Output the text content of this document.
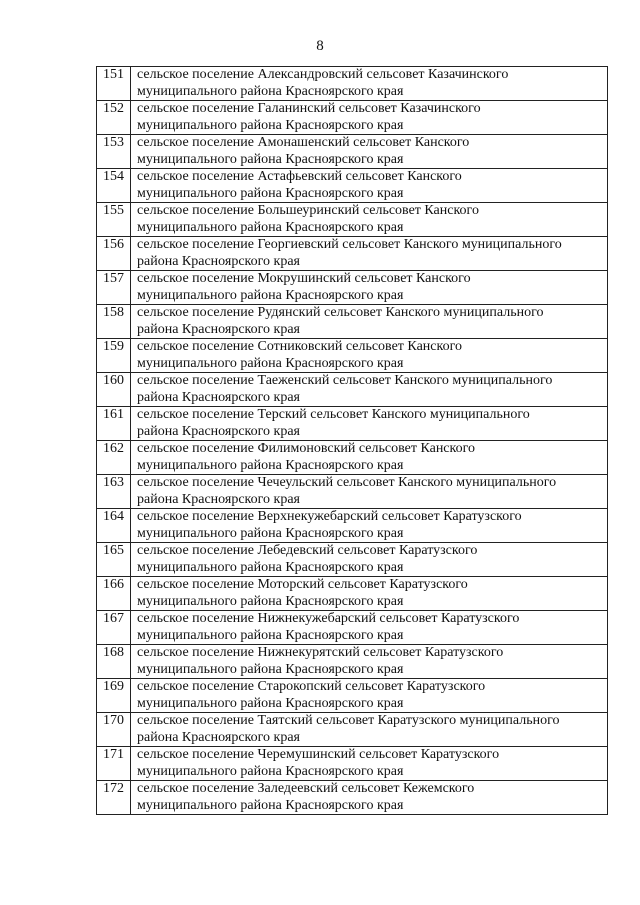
8
151	сельское поселение Александровский сельсовет Казачинского
муниципального района Красноярского края

152	сельское поселение Галанинский сельсовет Казачинского
муниципального района Красноярского края

153	сельское поселение Амонашенский сельсовет Канского
муниципального района Красноярского края

154	сельское поселение Астафьевский сельсовет Канского
муниципального района Красноярского края

155	сельское поселение Большеуринский сельсовет Канского
муниципального района Красноярского края

156	сельское поселение Георгиевский сельсовет Канского муниципального
района Красноярского края

157	сельское поселение Мокрушинский сельсовет Канского
муниципального района Красноярского края

158	сельское поселение Рудянский сельсовет Канского муниципального
района Красноярского края

159	сельское поселение Сотниковский сельсовет Канского
муниципального района Красноярского края

160	сельское поселение Таеженский сельсовет Канского муниципального
района Красноярского края

161	сельское поселение Терский сельсовет Канского муниципального
района Красноярского края

162	сельское поселение Филимоновский сельсовет Канского
муниципального района Красноярского края

163	сельское поселение Чечеульский сельсовет Канского муниципального
района Красноярского края

164	сельское поселение Верхнекужебарский сельсовет Каратузского
муниципального района Красноярского края

165	сельское поселение Лебедевский сельсовет Каратузского
муниципального района Красноярского края

166	сельское поселение Моторский сельсовет Каратузского
муниципального района Красноярского края

167	сельское поселение Нижнекужебарский сельсовет Каратузского
муниципального района Красноярского края

168	сельское поселение Нижнекурятский сельсовет Каратузского
муниципального района Красноярского края

169	сельское поселение Старокопский сельсовет Каратузского
муниципального района Красноярского края

170	сельское поселение Таятский сельсовет Каратузского муниципального
района Красноярского края

171	сельское поселение Черемушинский сельсовет Каратузского
муниципального района Красноярского края

172	сельское поселение Заледеевский сельсовет Кежемского
муниципального района Красноярского края
